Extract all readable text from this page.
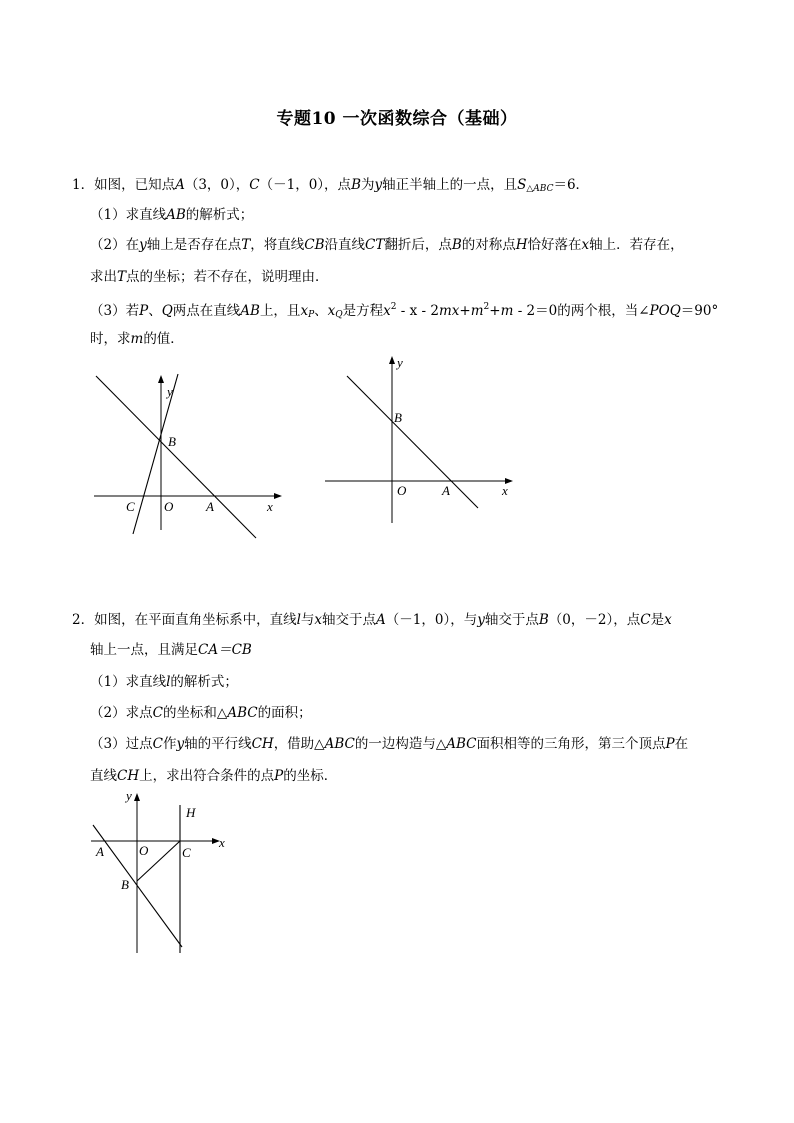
专题10 一次函数综合（基础）
1．如图，已知点A（3，0），C（－1，0），点B为y轴正半轴上的一点，且$S_{\triangle ABC}=6$．
（1）求直线AB的解析式；
（2）在y轴上是否存在点T，将直线CB沿直线CT翻折后，点B的对称点H恰好落在x轴上．若存在，
求出T点的坐标；若不存在，说明理由．
（3）若P、Q两点在直线AB上，且$x_P$、$x_Q$是方程$x^2 - x - 2mx+m^2+m - 2=0$的两个根，当∠POQ＝90°
时，求m的值．
y
B
C O	A	x
y
B
O	A	x
2．如图，在平面直角坐标系中，直线l与x轴交于点A（－1，0），与y轴交于点B（0，－2），点C是x
轴上一点，且满足CA＝CB
（1）求直线l的解析式；
（2）求点C的坐标和△ABC的面积；
（3）过点C作y轴的平行线CH，借助△ABC的一边构造与△ABC面积相等的三角形，第三个顶点P在
直线CH上，求出符合条件的点P的坐标．
y
H
x
A	O	C
B
